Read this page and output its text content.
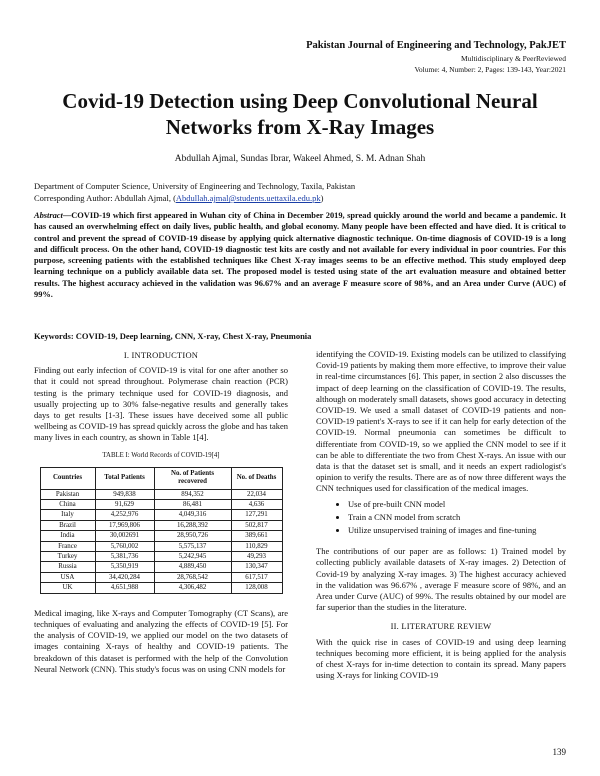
Pakistan Journal of Engineering and Technology, PakJET
Multidisciplinary & PeerReviewed
Volume: 4, Number: 2, Pages: 139-143, Year:2021
Covid-19 Detection using Deep Convolutional Neural Networks from X-Ray Images
Abdullah Ajmal, Sundas Ibrar, Wakeel Ahmed, S. M. Adnan Shah
Department of Computer Science, University of Engineering and Technology, Taxila, Pakistan
Corresponding Author: Abdullah Ajmal, (Abdullah.ajmal@students.uettaxila.edu.pk)
Abstract—COVID-19 which first appeared in Wuhan city of China in December 2019, spread quickly around the world and became a pandemic. It has caused an overwhelming effect on daily lives, public health, and global economy. Many people have been effected and have died. It is critical to control and prevent the spread of COVID-19 disease by applying quick alternative diagnostic technique. On-time diagnosis of COVID-19 is a long and difficult process. On the other hand, COVID-19 diagnostic test kits are costly and not available for every individual in poor countries. For this purpose, screening patients with the established techniques like Chest X-ray images seems to be an effective method. This study employed deep learning technique on a publicly available data set. The proposed model is tested using state of the art evaluation measure and obtained better results. The highest accuracy achieved in the validation was 96.67% and an average F measure score of 98%, and an Area under Curve (AUC) of 99%.
Keywords: COVID-19, Deep learning, CNN, X-ray, Chest X-ray, Pneumonia
I. INTRODUCTION

Finding out early infection of COVID-19 is vital for one after another so that it could not spread throughout. Polymerase chain reaction (PCR) testing is the primary technique used for COVID-19 diagnosis, and usually projecting up to 30% false-negative results and generally takes days to get results [1-3]. These issues have deceived some all public wellbeing as COVID-19 has spread quickly across the globe and has taken many lives in each country, as shown in Table 1[4].

TABLE I: World Records of COVID-19[4]
Countries	Total Patients	No. of Patients recovered	No. of Deaths
Pakistan	949,838	894,352	22,034
China	91,629	86,481	4,636
Italy	4,252,976	4,049,316	127,291
Brazil	17,969,806	16,288,392	502,817
India	30,002691	28,950,726	389,661
France	5,760,002	5,575,137	110,829
Turkey	5,381,736	5,242,945	49,293
Russia	5,350,919	4,889,450	130,347
USA	34,420,284	28,768,542	617,517
UK	4,651,988	4,306,482	128,008

Medical imaging, like X-rays and Computer Tomography (CT Scans), are techniques of evaluating and analyzing the effects of COVID-19 [5]. For the analysis of COVID-19, we applied our model on the two datasets of images containing X-rays of healthy and COVID-19 patients. The breakdown of this dataset is performed with the help of the Convolution Neural Network (CNN). This study's focus was on using CNN models for

identifying the COVID-19. Existing models can be utilized to classifying Covid-19 patients by making them more effective, to improve their value in real-time circumstances [6]. This paper, in section 2 also discusses the impact of deep learning on the classification of COVID-19. The results, although on moderately small datasets, shows good accuracy in detecting COVID-19. We used a small dataset of COVID-19 patients and non-COVID-19 patient's X-rays to see if it can help for early detection of the COVID-19. Normal pneumonia can sometimes be difficult to differentiate from COVID-19, so we applied the CNN model to see if it can be able to differentiate the two from Chest X-rays. An issue with our data is that the dataset set is small, and it needs an expert radiologist's opinion to verify the results. There are as of now three different ways the CNN techniques used for classification of the medical images.

• Use of pre-built CNN model
• Train a CNN model from scratch
• Utilize unsupervised training of images and fine-tuning

The contributions of our paper are as follows: 1) Trained model by collecting publicly available datasets of X-ray images. 2) Detection of Covid-19 by analyzing X-ray images. 3) The highest accuracy achieved in the validation was 96.67% , average F measure score of 98%, and an Area under Curve (AUC) of 99%. The results obtained by our model are far superior than the studies in the literature.

II. LITERATURE REVIEW

With the quick rise in cases of COVID-19 and using deep learning techniques becoming more efficient, it is being applied for the analysis of chest X-rays for in-time detection to contain its spread. Many papers using X-rays for linking COVID-19

139
